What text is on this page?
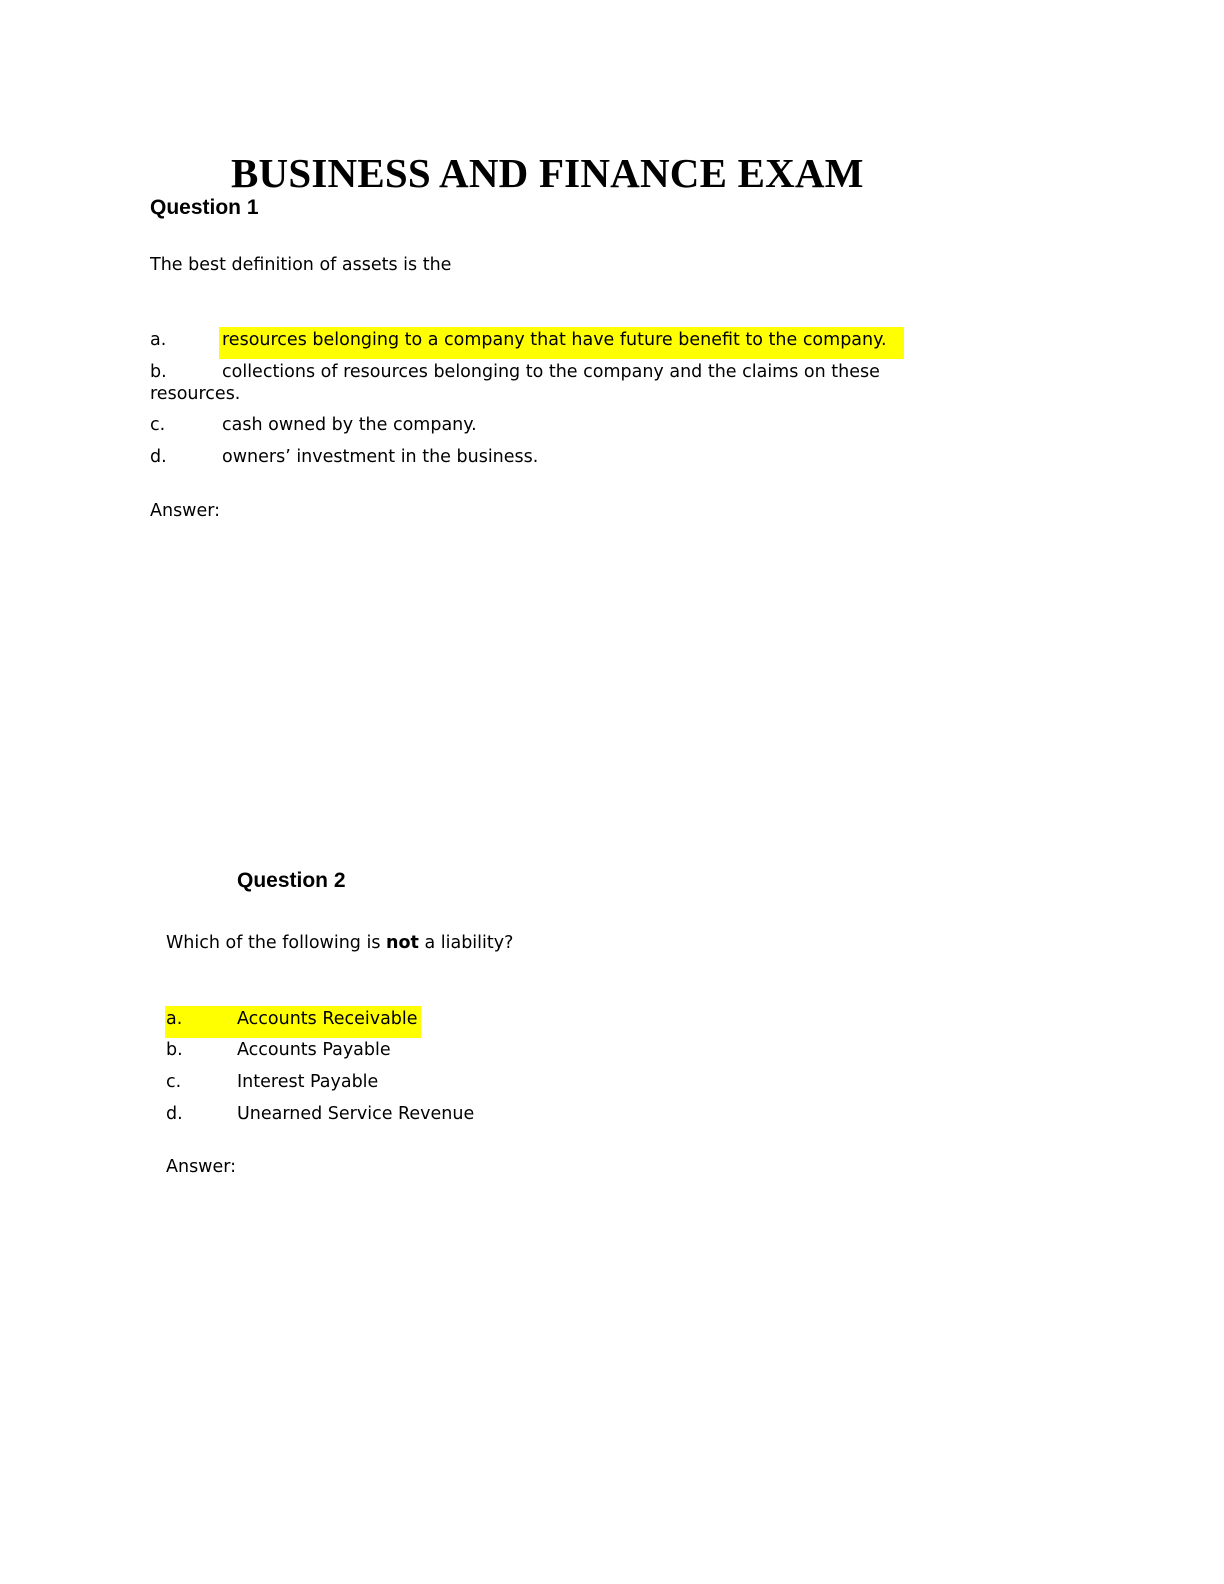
BUSINESS AND FINANCE EXAM
Question 1
The best definition of assets is the
a.	resources belonging to a company that have future benefit to the company.
b.	collections of resources belonging to the company and the claims on these
resources.
c.	cash owned by the company.
d.	owners’ investment in the business.
Answer:
Question 2
Which of the following is not a liability?
a.	Accounts Receivable
b.	Accounts Payable
c.	Interest Payable
d.	Unearned Service Revenue
Answer:
